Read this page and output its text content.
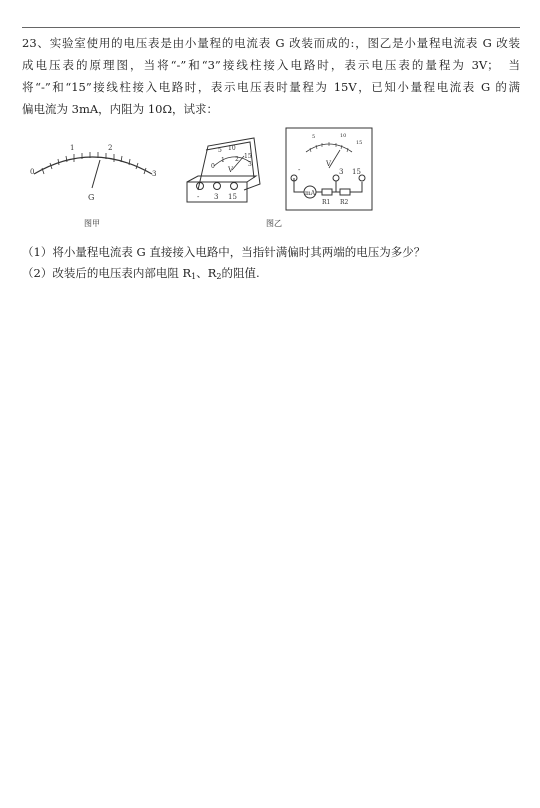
23、实验室使用的电压表是由小量程的电流表 G 改装而成的:，图乙是小量程电流表 G 改装
成电压表的原理图，当将“-”和“3”接线柱接入电路时，表示电压表的量程为 3V；　当
将“-”和“15”接线柱接入电路时，表示电压表时量程为 15V，已知小量程电流表 G 的满
偏电流为 3mA，内阻为 10Ω，试求：
0
1	2
3
G
图甲
5 10
15
0
1 2
3
V
- 3 15	mA
R1 R2
-	3 15
V
5	10
15
图乙
（1）将小量程电流表 G 直接接入电路中，当指针满偏时其两端的电压为多少？
（2）改装后的电压表内部电阻 $R_1$、$R_2$的阻值.
